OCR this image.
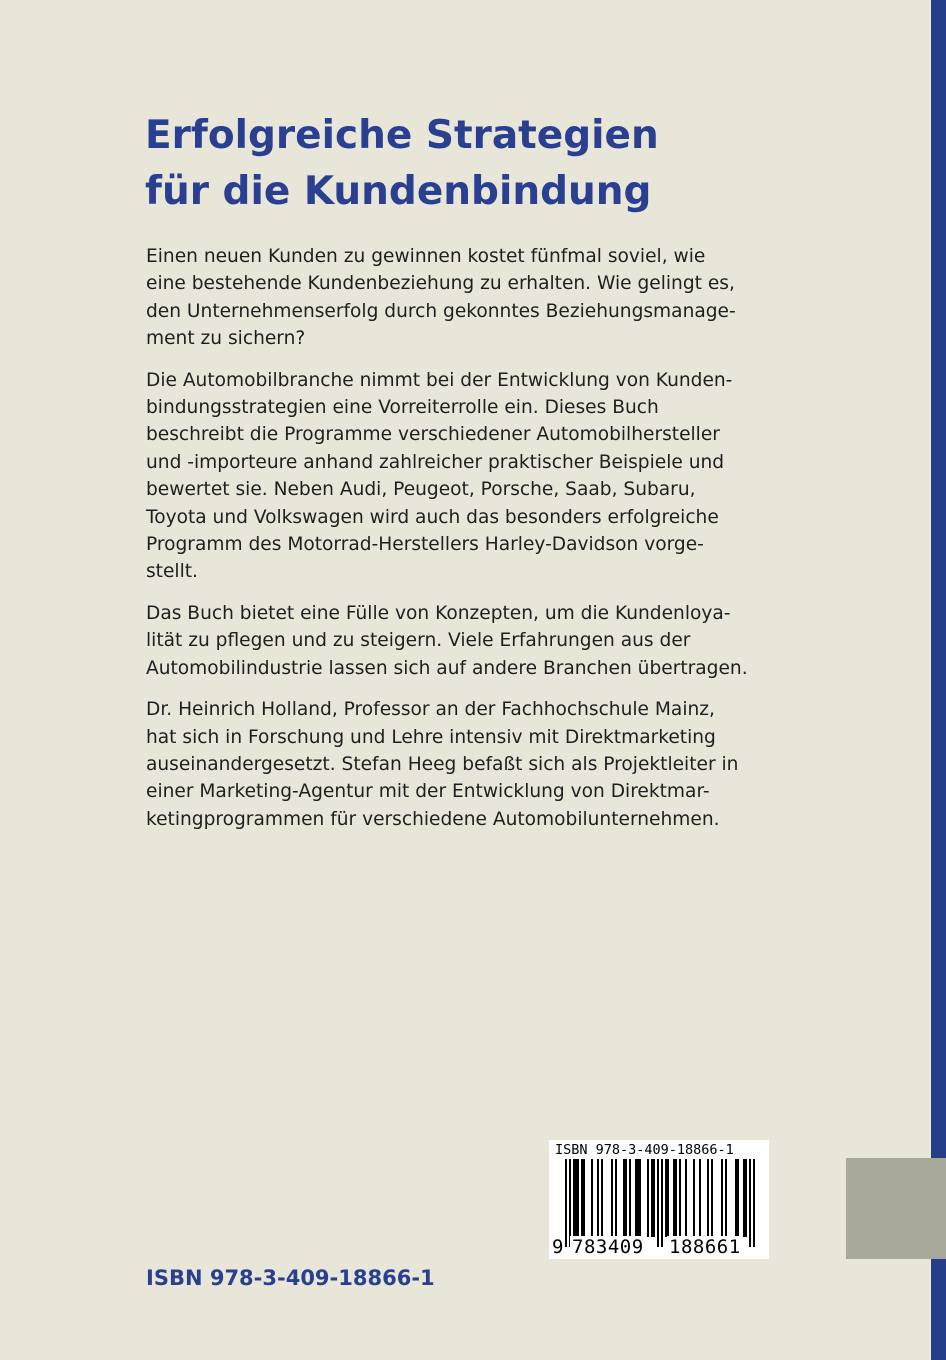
Erfolgreiche Strategien
für die Kundenbindung

Einen neuen Kunden zu gewinnen kostet fünfmal soviel, wie
eine bestehende Kundenbeziehung zu erhalten. Wie gelingt es,
den Unternehmenserfolg durch gekonntes Beziehungsmanage-
ment zu sichern?

Die Automobilbranche nimmt bei der Entwicklung von Kunden-
bindungsstrategien eine Vorreiterrolle ein. Dieses Buch
beschreibt die Programme verschiedener Automobilhersteller
und -importeure anhand zahlreicher praktischer Beispiele und
bewertet sie. Neben Audi, Peugeot, Porsche, Saab, Subaru,
Toyota und Volkswagen wird auch das besonders erfolgreiche
Programm des Motorrad-Herstellers Harley-Davidson vorge-
stellt.

Das Buch bietet eine Fülle von Konzepten, um die Kundenloya-
lität zu pflegen und zu steigern. Viele Erfahrungen aus der
Automobilindustrie lassen sich auf andere Branchen übertragen.

Dr. Heinrich Holland, Professor an der Fachhochschule Mainz,
hat sich in Forschung und Lehre intensiv mit Direktmarketing
auseinandergesetzt. Stefan Heeg befaßt sich als Projektleiter in
einer Marketing-Agentur mit der Entwicklung von Direktmar-
ketingprogrammen für verschiedene Automobilunternehmen.

ISBN 978-3-409-18866-1
9 783409 188661
ISBN 978-3-409-18866-1
